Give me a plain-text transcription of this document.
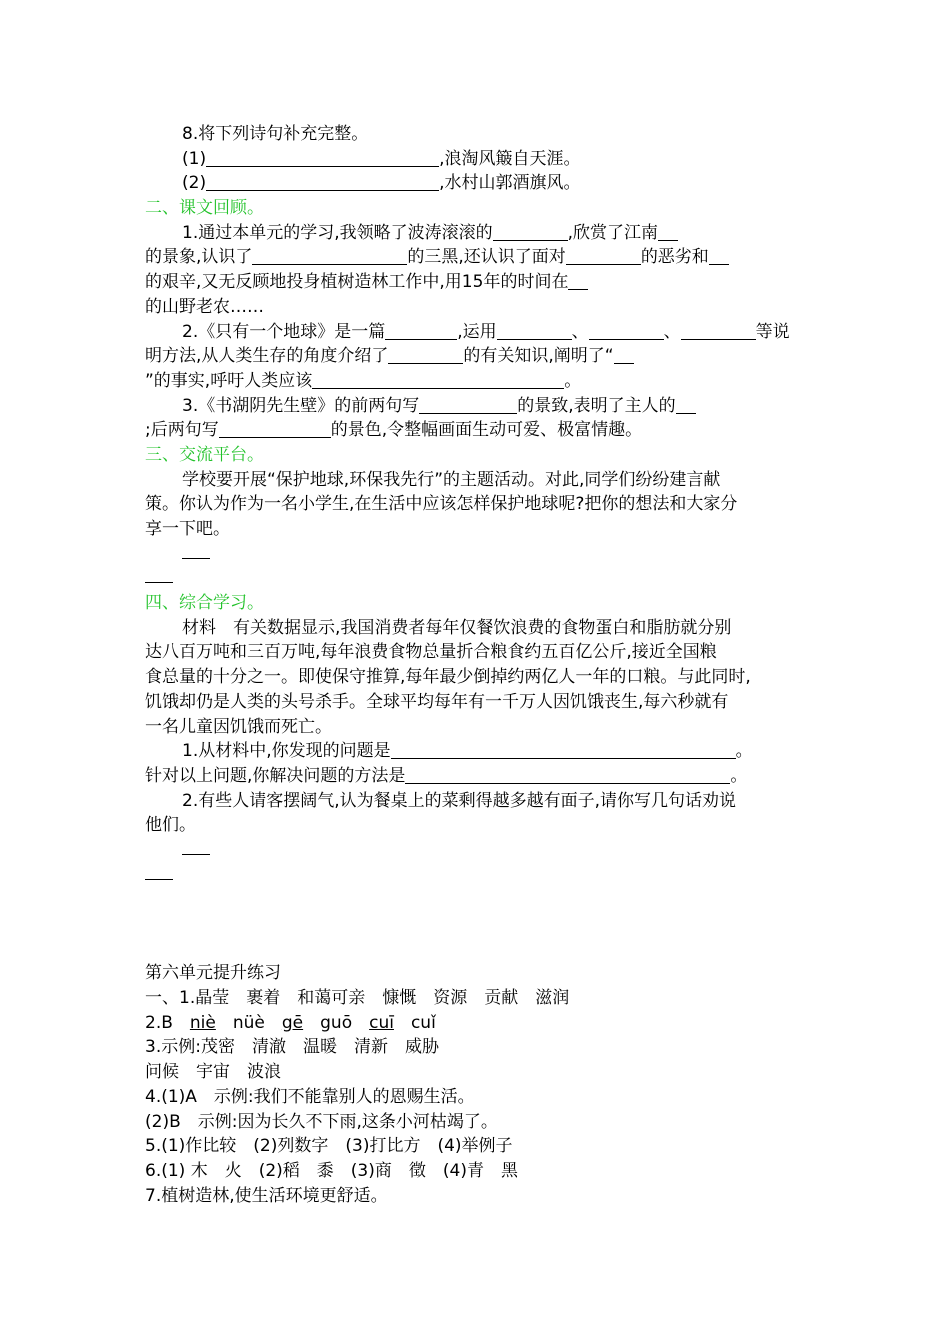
8.将下列诗句补充完整。
(1)	,浪淘风簸自天涯。
(2)	,水村山郭酒旗风。
二、课文回顾。
1.通过本单元的学习,我领略了波涛滚滚的	,欣赏了江南
的景象,认识了	的三黑,还认识了面对	的恶劣和
的艰辛,又无反顾地投身植树造林工作中,用15年的时间在
的山野老农……
2.《只有一个地球》是一篇	,运用	、	、	等说
明方法,从人类生存的角度介绍了	的有关知识,阐明了“
”的事实,呼吁人类应该	。
3.《书湖阴先生壁》的前两句写	的景致,表明了主人的
;后两句写	的景色,令整幅画面生动可爱、极富情趣。
三、交流平台。
学校要开展“保护地球,环保我先行”的主题活动。对此,同学们纷纷建言献
策。你认为作为一名小学生,在生活中应该怎样保护地球呢?把你的想法和大家分
享一下吧。
四、综合学习。
材料　有关数据显示,我国消费者每年仅餐饮浪费的食物蛋白和脂肪就分别
达八百万吨和三百万吨,每年浪费食物总量折合粮食约五百亿公斤,接近全国粮
食总量的十分之一。即使保守推算,每年最少倒掉约两亿人一年的口粮。与此同时,
饥饿却仍是人类的头号杀手。全球平均每年有一千万人因饥饿丧生,每六秒就有
一名儿童因饥饿而死亡。
1.从材料中,你发现的问题是	。
针对以上问题,你解决问题的方法是	。
2.有些人请客摆阔气,认为餐桌上的菜剩得越多越有面子,请你写几句话劝说
他们。
第六单元提升练习
一、1.晶莹　裹着　和蔼可亲　慷慨　资源　贡献　滋润
2.B　niè　nüè　gē　guō　cuī　cuǐ
3.示例:茂密　清澈　温暖　清新　威胁
问候　宇宙　波浪
4.(1)A　示例:我们不能靠别人的恩赐生活。
(2)B　示例:因为长久不下雨,这条小河枯竭了。
5.(1)作比较　(2)列数字　(3)打比方　(4)举例子
6.(1) 木　火　(2)稻　黍　(3)商　徵　(4)青　黑
7.植树造林,使生活环境更舒适。
